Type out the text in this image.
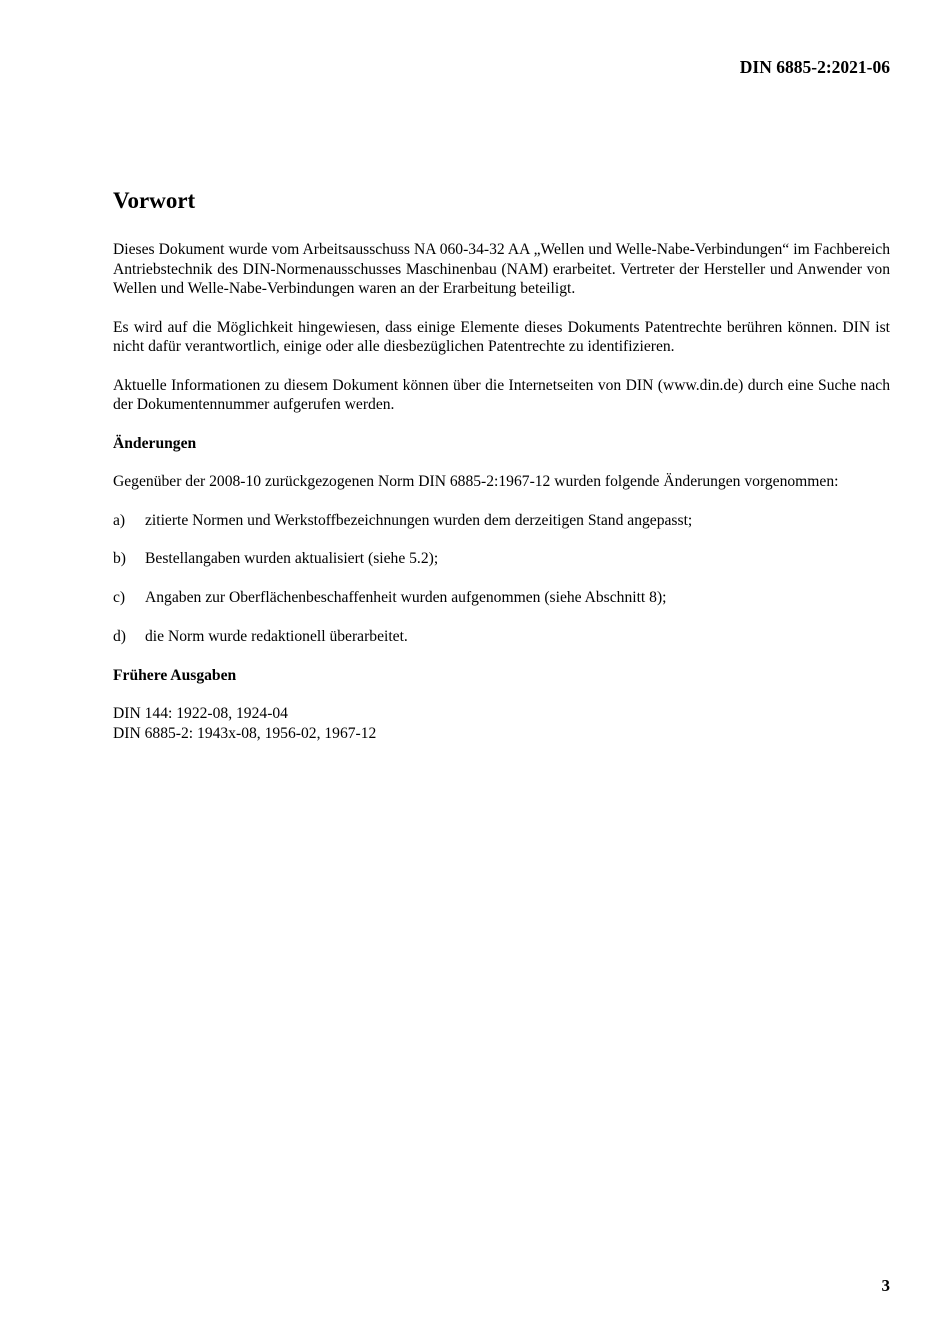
DIN 6885-2:2021-06
Vorwort

Dieses Dokument wurde vom Arbeitsausschuss NA 060-34-32 AA „Wellen und Welle-Nabe-Verbindungen“ im Fachbereich Antriebstechnik des DIN-Normenausschusses Maschinenbau (NAM) erarbeitet. Vertreter der Hersteller und Anwender von Wellen und Welle-Nabe-Verbindungen waren an der Erarbeitung beteiligt.

Es wird auf die Möglichkeit hingewiesen, dass einige Elemente dieses Dokuments Patentrechte berühren können. DIN ist nicht dafür verantwortlich, einige oder alle diesbezüglichen Patentrechte zu identifizieren.

Aktuelle Informationen zu diesem Dokument können über die Internetseiten von DIN (www.din.de) durch eine Suche nach der Dokumentennummer aufgerufen werden.

Änderungen

Gegenüber der 2008-10 zurückgezogenen Norm DIN 6885-2:1967-12 wurden folgende Änderungen vorgenommen:

a)	zitierte Normen und Werkstoffbezeichnungen wurden dem derzeitigen Stand angepasst;
b)	Bestellangaben wurden aktualisiert (siehe 5.2);
c)	Angaben zur Oberflächenbeschaffenheit wurden aufgenommen (siehe Abschnitt 8);
d)	die Norm wurde redaktionell überarbeitet.
Frühere Ausgaben

DIN 144: 1922-08, 1924-04
DIN 6885-2: 1943x-08, 1956-02, 1967-12

3
